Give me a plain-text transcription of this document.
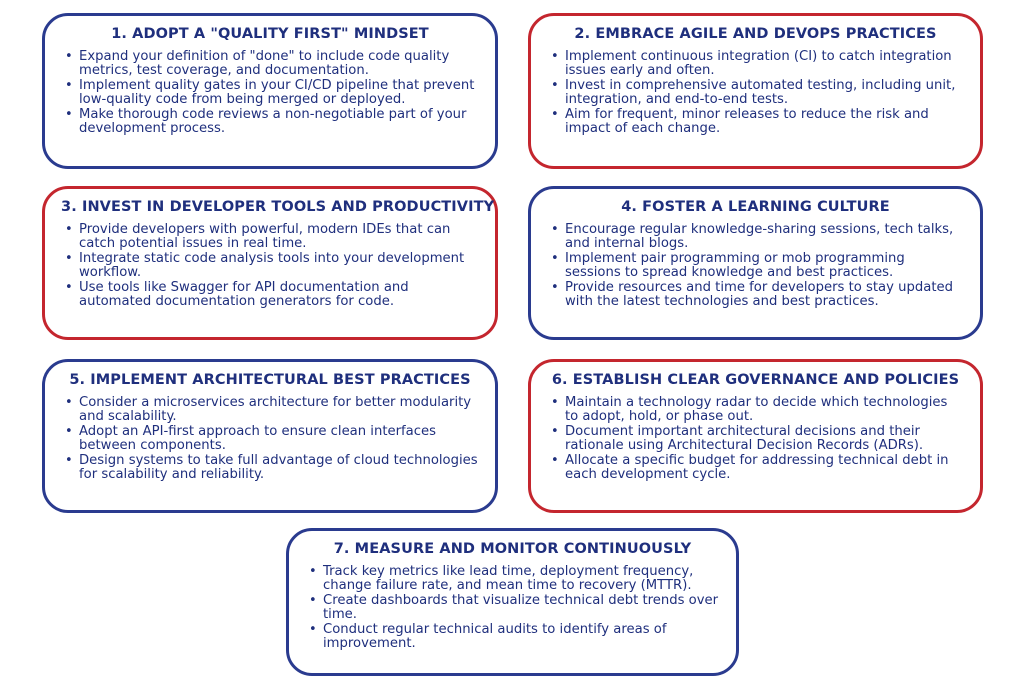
1. ADOPT A "QUALITY FIRST" MINDSET
• Expand your definition of "done" to include code quality metrics, test coverage, and documentation.
• Implement quality gates in your CI/CD pipeline that prevent low-quality code from being merged or deployed.
• Make thorough code reviews a non-negotiable part of your development process.
2. EMBRACE AGILE AND DEVOPS PRACTICES
• Implement continuous integration (CI) to catch integration issues early and often.
• Invest in comprehensive automated testing, including unit, integration, and end-to-end tests.
• Aim for frequent, minor releases to reduce the risk and impact of each change.
3. INVEST IN DEVELOPER TOOLS AND PRODUCTIVITY
• Provide developers with powerful, modern IDEs that can catch potential issues in real time.
• Integrate static code analysis tools into your development workflow.
• Use tools like Swagger for API documentation and automated documentation generators for code.
4. FOSTER A LEARNING CULTURE
• Encourage regular knowledge-sharing sessions, tech talks, and internal blogs.
• Implement pair programming or mob programming sessions to spread knowledge and best practices.
• Provide resources and time for developers to stay updated with the latest technologies and best practices.
5. IMPLEMENT ARCHITECTURAL BEST PRACTICES
• Consider a microservices architecture for better modularity and scalability.
• Adopt an API-first approach to ensure clean interfaces between components.
• Design systems to take full advantage of cloud technologies for scalability and reliability.
6. ESTABLISH CLEAR GOVERNANCE AND POLICIES
• Maintain a technology radar to decide which technologies to adopt, hold, or phase out.
• Document important architectural decisions and their rationale using Architectural Decision Records (ADRs).
• Allocate a specific budget for addressing technical debt in each development cycle.
7. MEASURE AND MONITOR CONTINUOUSLY
• Track key metrics like lead time, deployment frequency, change failure rate, and mean time to recovery (MTTR).
• Create dashboards that visualize technical debt trends over time.
• Conduct regular technical audits to identify areas of improvement.
